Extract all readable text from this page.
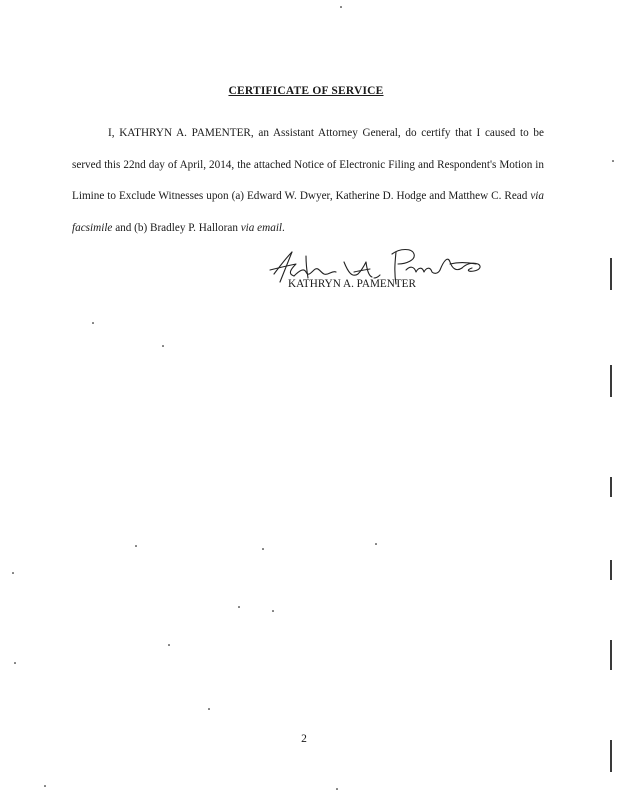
CERTIFICATE OF SERVICE

I, KATHRYN A. PAMENTER, an Assistant Attorney General, do certify that I caused to be served this 22nd day of April, 2014, the attached Notice of Electronic Filing and Respondent's Motion in Limine to Exclude Witnesses upon (a) Edward W. Dwyer, Katherine D. Hodge and Matthew C. Read via facsimile and (b) Bradley P. Halloran via email.

KATHRYN A. PAMENTER
2
